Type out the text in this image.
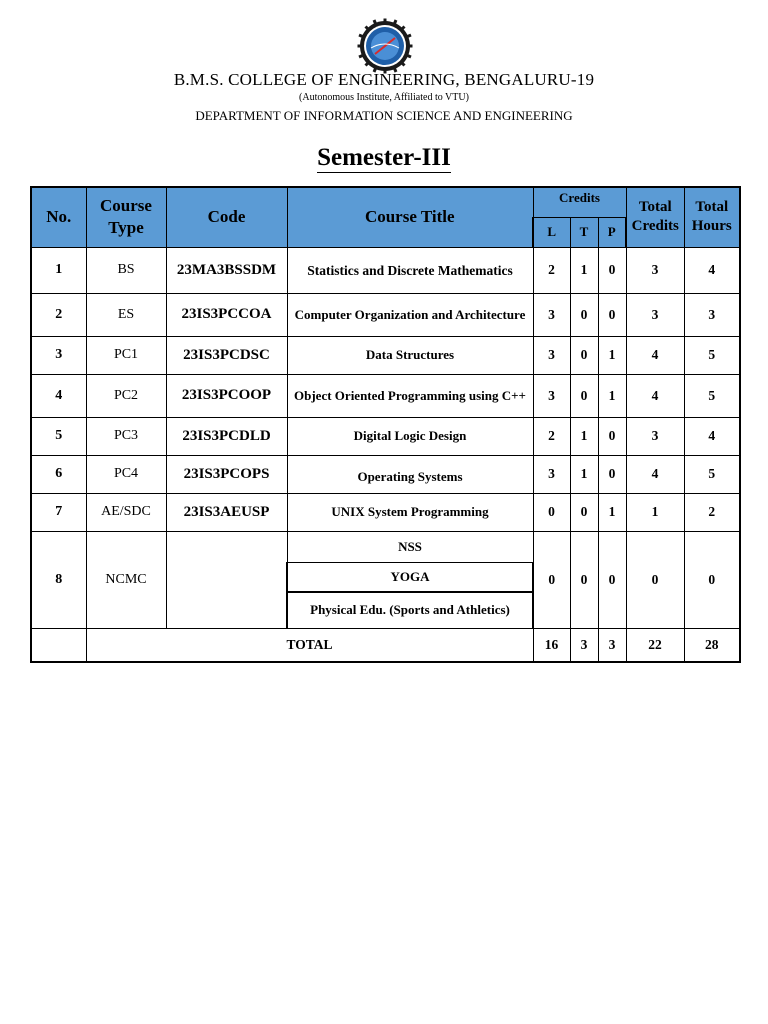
B.M.S. COLLEGE OF ENGINEERING, BENGALURU-19
(Autonomous Institute, Affiliated to VTU)
DEPARTMENT OF INFORMATION SCIENCE AND ENGINEERING
Semester-III
No.	Course Type	Code	Course Title	Credits			Total Credits	Total Hours
				L	T	P		
1	BS	23MA3BSSDM	Statistics and Discrete Mathematics	2	1	0	3	4
2	ES	23IS3PCCOA	Computer Organization and Architecture	3	0	0	3	3
3	PC1	23IS3PCDSC	Data Structures	3	0	1	4	5
4	PC2	23IS3PCOOP	Object Oriented Programming using C++	3	0	1	4	5
5	PC3	23IS3PCDLD	Digital Logic Design	2	1	0	3	4
6	PC4	23IS3PCOPS	Operating Systems	3	1	0	4	5
7	AE/SDC	23IS3AEUSP	UNIX System Programming	0	0	1	1	2
8	NCMC		NSS	0	0	0	0	0
			YOGA					
			Physical Edu. (Sports and Athletics)					
	TOTAL			16	3	3	22	28
